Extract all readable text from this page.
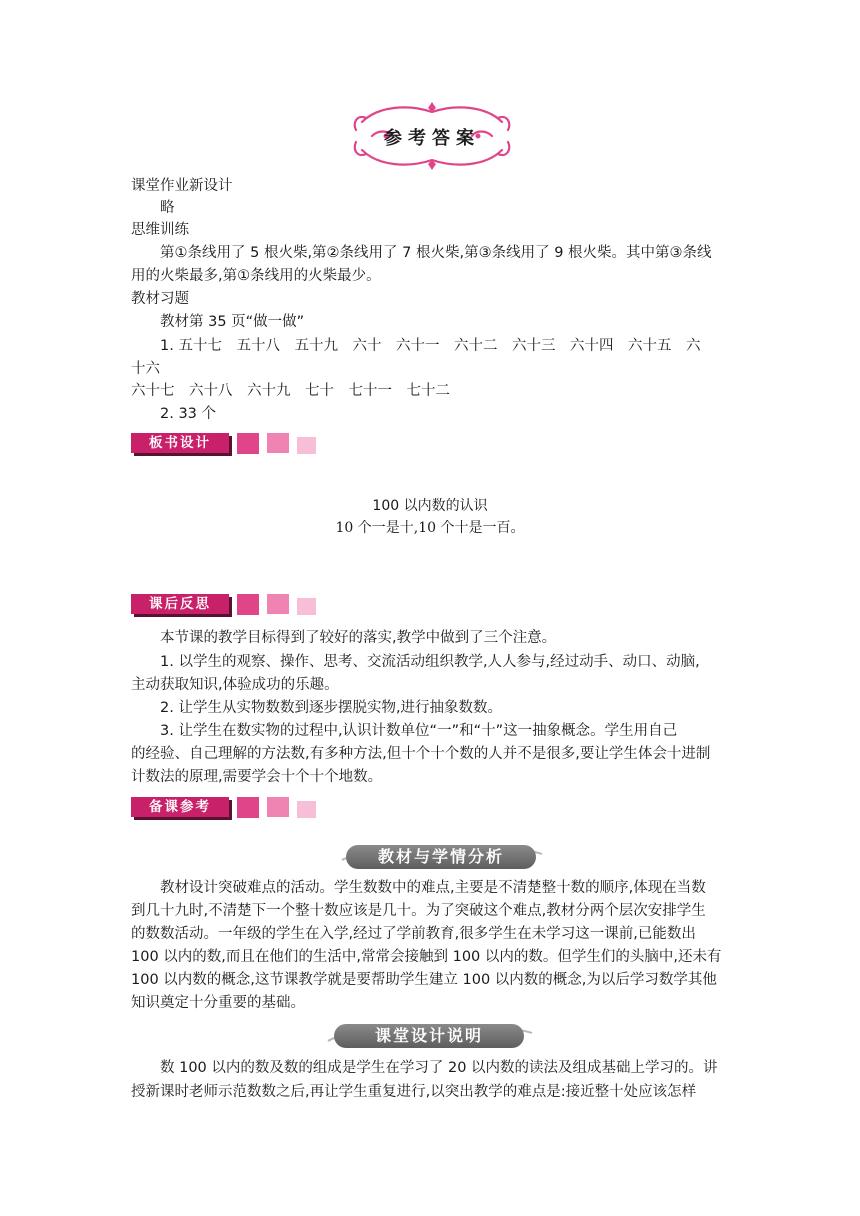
参考答案
课堂作业新设计
略
思维训练
第①条线用了 5 根火柴,第②条线用了 7 根火柴,第③条线用了 9 根火柴。其中第③条线
用的火柴最多,第①条线用的火柴最少。
教材习题
教材第 35 页“做一做”
1. 五十七　五十八　五十九　六十　六十一　六十二　六十三　六十四　六十五　六
十六
六十七　六十八　六十九　七十　七十一　七十二
2. 33 个
板书设计
100 以内数的认识
10 个一是十,10 个十是一百。
课后反思
本节课的教学目标得到了较好的落实,教学中做到了三个注意。
1. 以学生的观察、操作、思考、交流活动组织教学,人人参与,经过动手、动口、动脑,
主动获取知识,体验成功的乐趣。
2. 让学生从实物数数到逐步摆脱实物,进行抽象数数。
3. 让学生在数实物的过程中,认识计数单位“一”和“十”这一抽象概念。学生用自己
的经验、自己理解的方法数,有多种方法,但十个十个数的人并不是很多,要让学生体会十进制
计数法的原理,需要学会十个十个地数。
备课参考
教材与学情分析
教材设计突破难点的活动。学生数数中的难点,主要是不清楚整十数的顺序,体现在当数
到几十九时,不清楚下一个整十数应该是几十。为了突破这个难点,教材分两个层次安排学生
的数数活动。一年级的学生在入学,经过了学前教育,很多学生在未学习这一课前,已能数出
100 以内的数,而且在他们的生活中,常常会接触到 100 以内的数。但学生们的头脑中,还未有
100 以内数的概念,这节课教学就是要帮助学生建立 100 以内数的概念,为以后学习数学其他
知识奠定十分重要的基础。
课堂设计说明
数 100 以内的数及数的组成是学生在学习了 20 以内数的读法及组成基础上学习的。讲
授新课时老师示范数数之后,再让学生重复进行,以突出教学的难点是:接近整十处应该怎样
